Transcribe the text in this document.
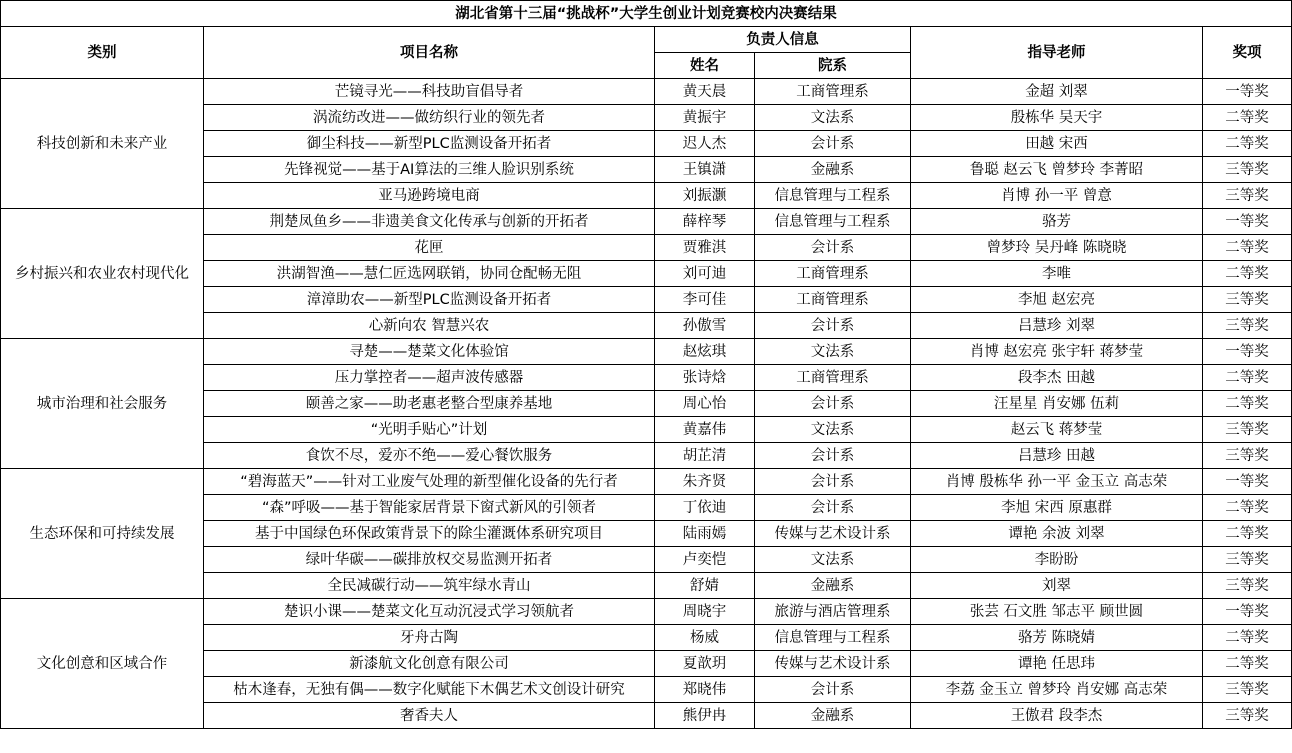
湖北省第十三届“挑战杯”大学生创业计划竞赛校内决赛结果					
类别	项目名称	负责人信息		指导老师	奖项
		姓名	院系		
科技创新和未来产业	芒镜寻光——科技助盲倡导者	黄天晨	工商管理系	金超 刘翠	一等奖
	涡流纺改进——做纺织行业的领先者	黄振宇	文法系	殷栋华 吴天宇	二等奖
	御尘科技——新型PLC监测设备开拓者	迟人杰	会计系	田越 宋西	二等奖
	先锋视觉——基于AI算法的三维人脸识别系统	王镇潇	金融系	鲁聪 赵云飞 曾梦玲 李菁昭	三等奖
	亚马逊跨境电商	刘振灏	信息管理与工程系	肖博 孙一平 曾意	三等奖
乡村振兴和农业农村现代化	荆楚凤鱼乡——非遗美食文化传承与创新的开拓者	薛梓琴	信息管理与工程系	骆芳	一等奖
	花匣	贾雅淇	会计系	曾梦玲 吴丹峰 陈晓晓	二等奖
	洪湖智渔——慧仁匠选网联销，协同仓配畅无阻	刘可迪	工商管理系	李唯	二等奖
	漳漳助农——新型PLC监测设备开拓者	李可佳	工商管理系	李旭 赵宏亮	三等奖
	心新向农 智慧兴农	孙傲雪	会计系	吕慧珍 刘翠	三等奖
城市治理和社会服务	寻楚——楚菜文化体验馆	赵炫琪	文法系	肖博 赵宏亮 张宇轩 蒋梦莹	一等奖
	压力掌控者——超声波传感器	张诗焓	工商管理系	段李杰 田越	二等奖
	颐善之家——助老惠老整合型康养基地	周心怡	会计系	汪星星 肖安娜 伍莉	二等奖
	“光明手贴心”计划	黄嘉伟	文法系	赵云飞 蒋梦莹	三等奖
	食饮不尽，爱亦不绝——爱心餐饮服务	胡芷清	会计系	吕慧珍 田越	三等奖
生态环保和可持续发展	“碧海蓝天”——针对工业废气处理的新型催化设备的先行者	朱齐贤	会计系	肖博 殷栋华 孙一平 金玉立 高志荣	一等奖
	“森”呼吸——基于智能家居背景下窗式新风的引领者	丁依迪	会计系	李旭 宋西 原惠群	二等奖
	基于中国绿色环保政策背景下的除尘灌溉体系研究项目	陆雨嫣	传媒与艺术设计系	谭艳 余波 刘翠	二等奖
	绿叶华碳——碳排放权交易监测开拓者	卢奕恺	文法系	李盼盼	三等奖
	全民减碳行动——筑牢绿水青山	舒婧	金融系	刘翠	三等奖
文化创意和区域合作	楚识小课——楚菜文化互动沉浸式学习领航者	周晓宇	旅游与酒店管理系	张芸 石文胜 邹志平 顾世圆	一等奖
	牙舟古陶	杨威	信息管理与工程系	骆芳 陈晓婧	二等奖
	新漆航文化创意有限公司	夏歆玥	传媒与艺术设计系	谭艳 任思玮	二等奖
	枯木逢春，无独有偶——数字化赋能下木偶艺术文创设计研究	郑晓伟	会计系	李荔 金玉立 曾梦玲 肖安娜 高志荣	三等奖
	奢香夫人	熊伊冉	金融系	王傲君 段李杰	三等奖
